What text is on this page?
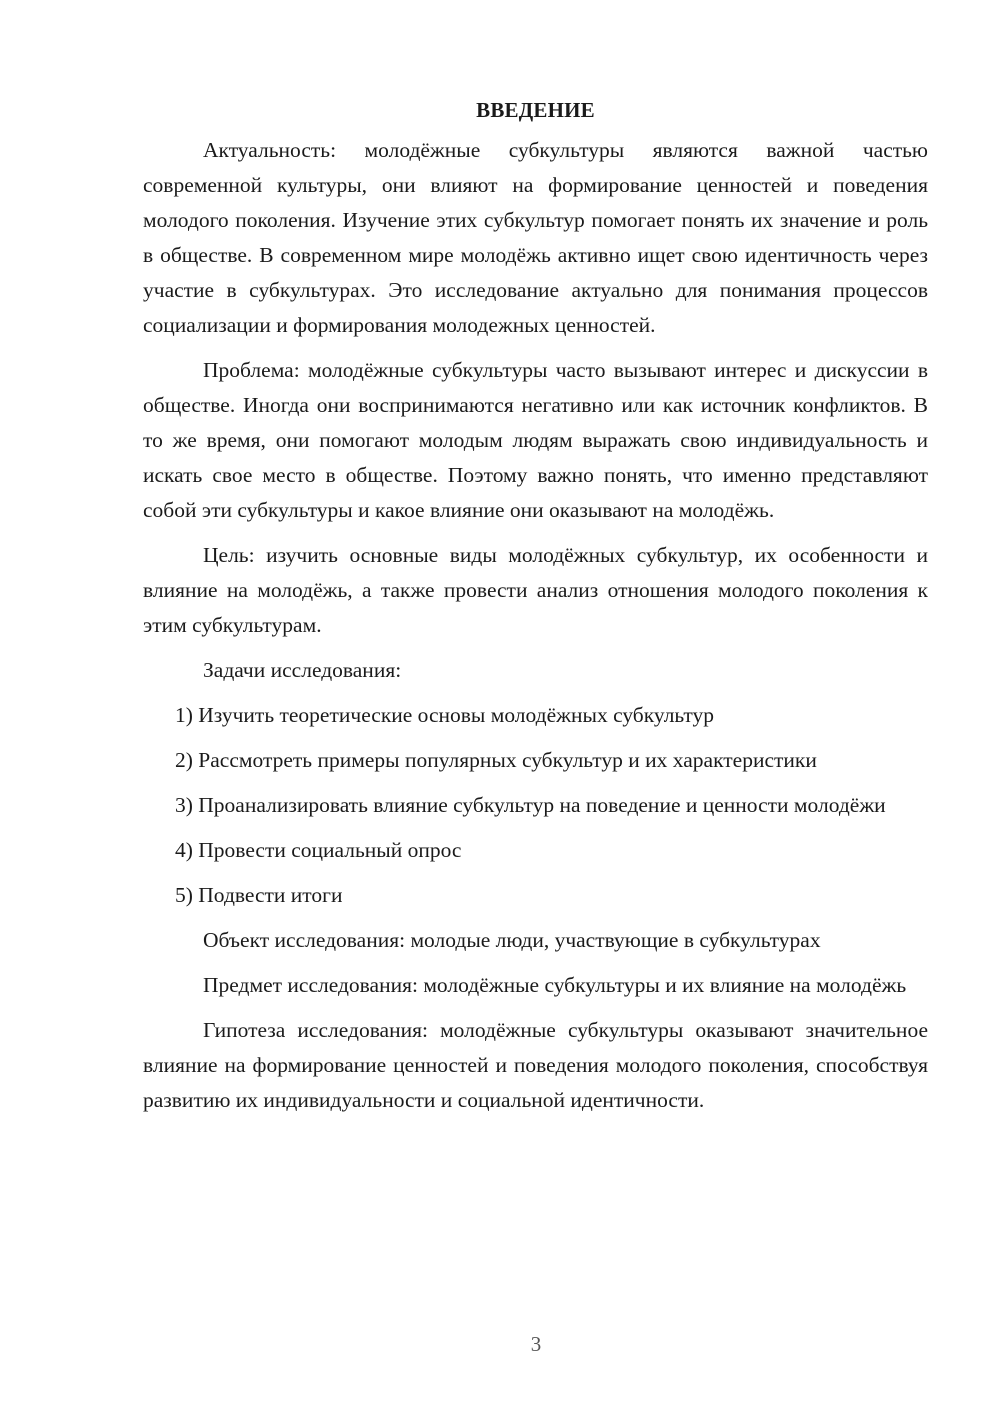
ВВЕДЕНИЕ

Актуальность: молодёжные субкультуры являются важной частью современной культуры, они влияют на формирование ценностей и поведения молодого поколения. Изучение этих субкультур помогает понять их значение и роль в обществе. В современном мире молодёжь активно ищет свою идентичность через участие в субкультурах. Это исследование актуально для понимания процессов социализации и формирования молодежных ценностей.

Проблема: молодёжные субкультуры часто вызывают интерес и дискуссии в обществе. Иногда они воспринимаются негативно или как источник конфликтов. В то же время, они помогают молодым людям выражать свою индивидуальность и искать свое место в обществе. Поэтому важно понять, что именно представляют собой эти субкультуры и какое влияние они оказывают на молодёжь.

Цель: изучить основные виды молодёжных субкультур, их особенности и влияние на молодёжь, а также провести анализ отношения молодого поколения к этим субкультурам.

Задачи исследования:

1) Изучить теоретические основы молодёжных субкультур

2) Рассмотреть примеры популярных субкультур и их характеристики

3) Проанализировать влияние субкультур на поведение и ценности молодёжи

4) Провести социальный опрос

5) Подвести итоги

Объект исследования: молодые люди, участвующие в субкультурах

Предмет исследования: молодёжные субкультуры и их влияние на молодёжь

Гипотеза исследования: молодёжные субкультуры оказывают значительное влияние на формирование ценностей и поведения молодого поколения, способствуя развитию их индивидуальности и социальной идентичности.

3
